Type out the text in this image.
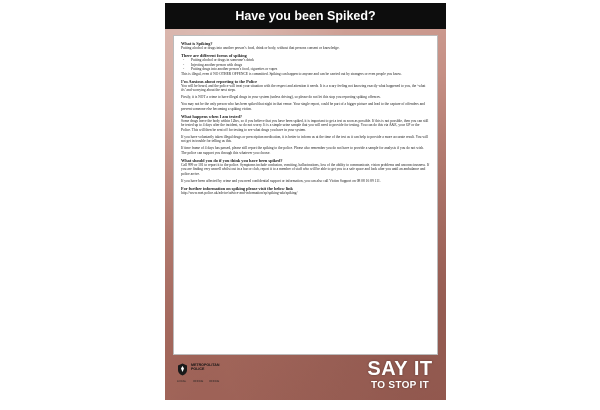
Have you been Spiked?
What is Spiking?

Putting alcohol or drugs into another person’s food, drink or body, without that persons consent or knowledge.

There are different forms of spiking
- Putting alcohol or drugs in someone’s drink
- Injecting another person with drugs
- Putting drugs into another person’s food, cigarettes or vapes

This is illegal, even if NO OTHER OFFENCE is committed. Spiking can happen to anyone and can be carried out by strangers or even people you know.

I’m Anxious about reporting to the Police

You will be heard, and the police will treat your situation with the respect and attention it needs. It is a scary feeling not knowing exactly what happened to you, the ‘what ifs’ and worrying about the next steps.

Firstly, it is NOT a crime to have illegal drugs in your system (unless driving), so please do not let this stop you reporting spiking offences.

You may not be the only person who has been spiked that night in that venue. Your single report, could be part of a bigger picture and lead to the capture of offenders and prevent someone else becoming a spiking victim.

What happens when I am tested?

Some drugs leave the body within 12hrs, so if you believe that you have been spiked, it is important to get a test as soon as possible. If this is not possible, then you can still be tested up to 4 days after the incident, so do not worry. It is a simple urine sample that you will need to provide for testing. You can do this via A&E, your GP or the Police. This will then be sent off for testing to see what drugs you have in your system.

If you have voluntarily taken illegal drugs or prescription medication, it is better to inform us at the time of the test as it can help to provide a more accurate result. You will not get in trouble for telling us this.

If time frame of 4 days has passed, please still report the spiking to the police. Please also remember you do not have to provide a sample for analysis if you do not wish. The police can support you through this whatever you choose.

What should you do if you think you have been spiked?

Call 999 or 101 to report it to the police. Symptoms include confusion, vomiting, hallucinations, loss of the ability to communicate, vision problems and unconsciousness. If you are finding very unwell whilst out in a bar or club, report it to a member of staff who will be able to get you to a safe space and look after you until an ambulance and police arrive.

If you have been affected by crime and you need confidential support or information, you can also call Victim Support on 08 08 16 89 111.

For further information on spiking please visit the below link

http://www.met.police.uk/advice/advice-and-information/sp/spiking-ada/spiking/

METROPOLITAN POLICE
LOCAL	OFFICE	OFFICE
SAY IT
TO STOP IT
